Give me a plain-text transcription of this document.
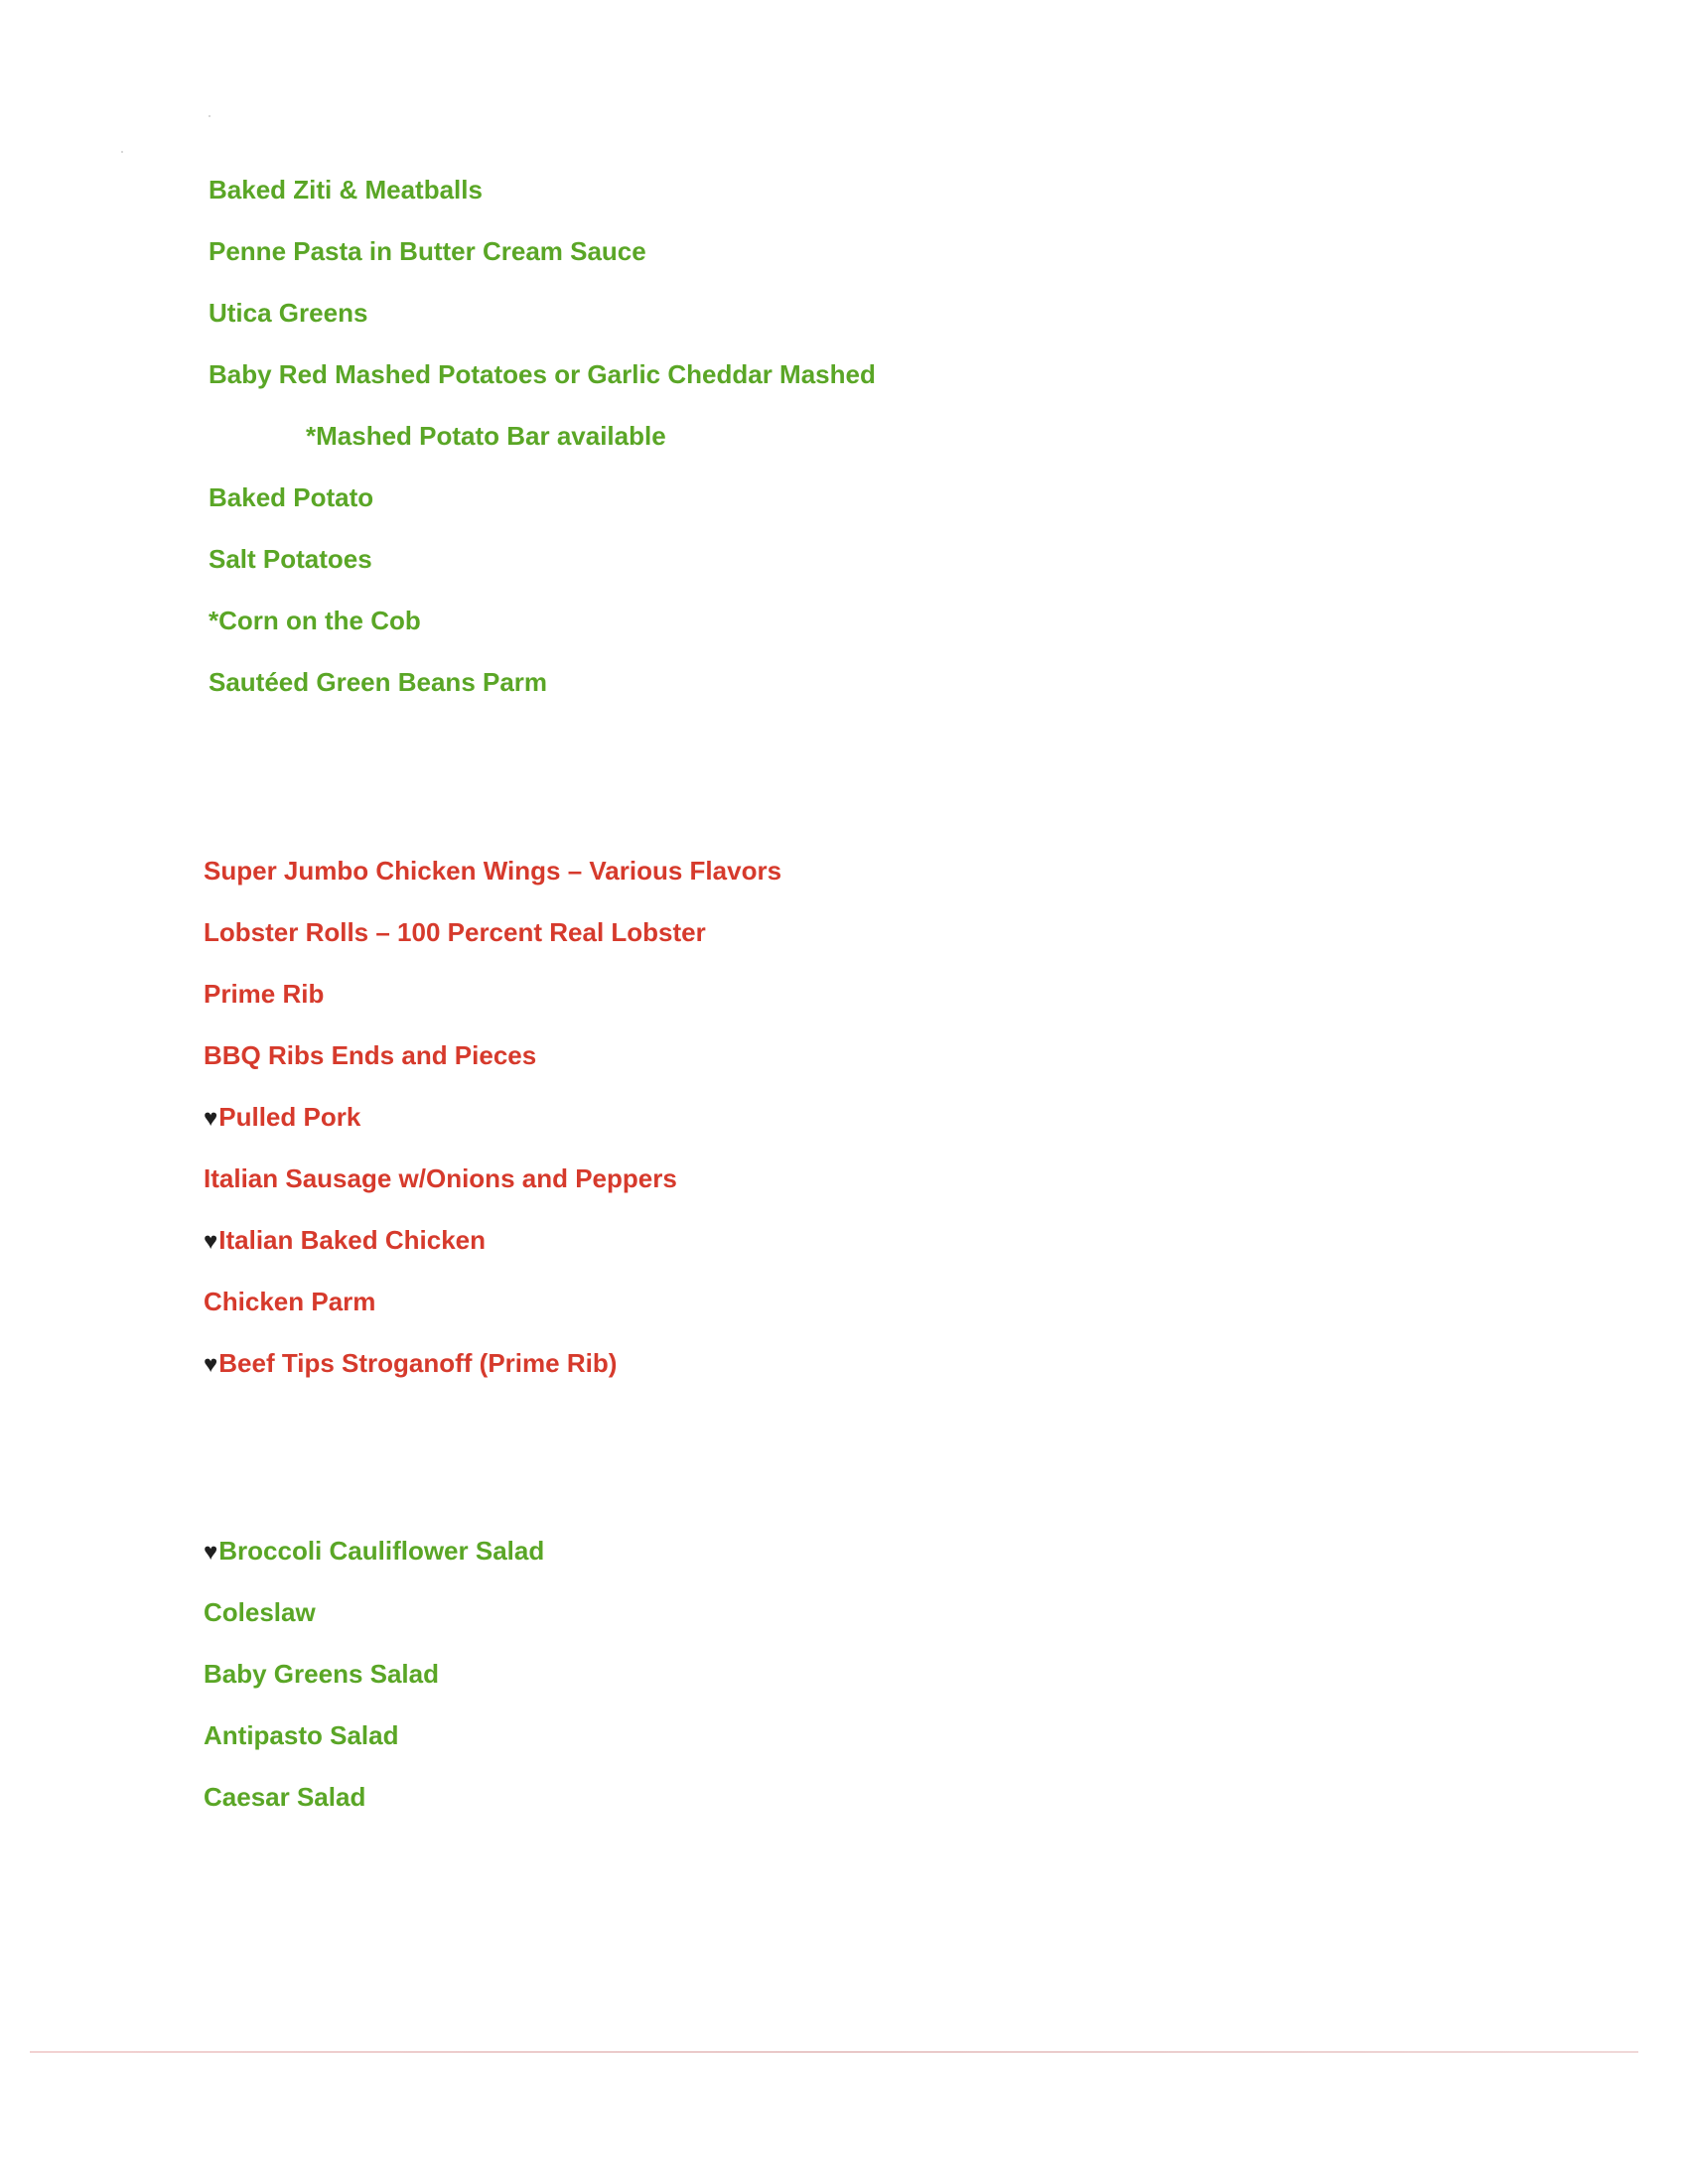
Baked Ziti & Meatballs
Penne Pasta in Butter Cream Sauce
Utica Greens
Baby Red Mashed Potatoes or Garlic Cheddar Mashed
*Mashed Potato Bar available
Baked Potato
Salt Potatoes
*Corn on the Cob
Sautéed Green Beans Parm
Super Jumbo Chicken Wings – Various Flavors
Lobster Rolls – 100 Percent Real Lobster
Prime Rib
BBQ Ribs Ends and Pieces
♥Pulled Pork
Italian Sausage w/Onions and Peppers
♥Italian Baked Chicken
Chicken Parm
♥Beef Tips Stroganoff (Prime Rib)
♥Broccoli Cauliflower Salad
Coleslaw
Baby Greens Salad
Antipasto Salad
Caesar Salad
